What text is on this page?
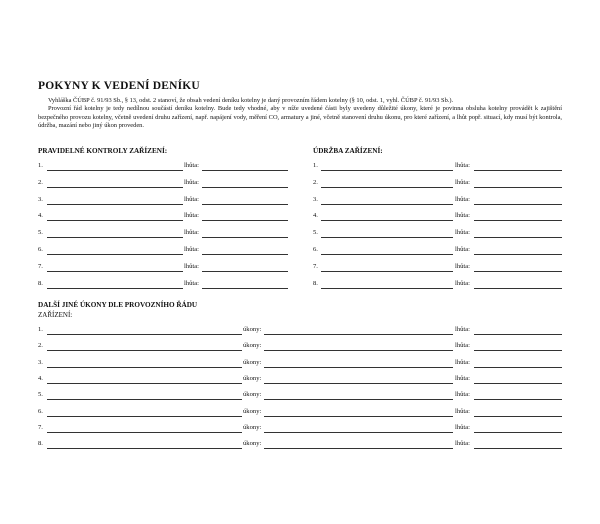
POKYNY K VEDENÍ DENÍKU

Vyhláška ČÚBP č. 91/93 Sb., § 13, odst. 2 stanoví, že obsah vedení deníku kotelny je daný provozním řádem kotelny (§ 10, odst. 1, vyhl. ČÚBP č. 91/93 Sb.).

Provozní řád kotelny je tedy nedílnou součástí deníku kotelny. Bude tedy vhodné, aby v níže uvedené části byly uvedeny důležité úkony, které je povinna obsluha kotelny provádět k zajištění bezpečného provozu kotelny, včetně uvedení druhu zařízení, např. napájení vody, měření CO, armatury a jiné, včetně stanovení druhu úkonu, pro které zařízení, a lhůt popř. situací, kdy musí být kontrola, údržba, mazání nebo jiný úkon proveden.

PRAVIDELNÉ KONTROLY ZAŘÍZENÍ:	ÚDRŽBA ZAŘÍZENÍ:
1.	lhůta:
2.	lhůta:
3.	lhůta:
4.	lhůta:
5.	lhůta:
6.	lhůta:
7.	lhůta:
8.	lhůta:
1.	lhůta:
2.	lhůta:
3.	lhůta:
4.	lhůta:
5.	lhůta:
6.	lhůta:
7.	lhůta:
8.	lhůta:
DALŠÍ JINÉ ÚKONY DLE PROVOZNÍHO ŘÁDU
ZAŘÍZENÍ:
1.	úkony:	lhůta:
2.	úkony:	lhůta:
3.	úkony:	lhůta:
4.	úkony:	lhůta:
5.	úkony:	lhůta:
6.	úkony:	lhůta:
7.	úkony:	lhůta:
8.	úkony:	lhůta:
